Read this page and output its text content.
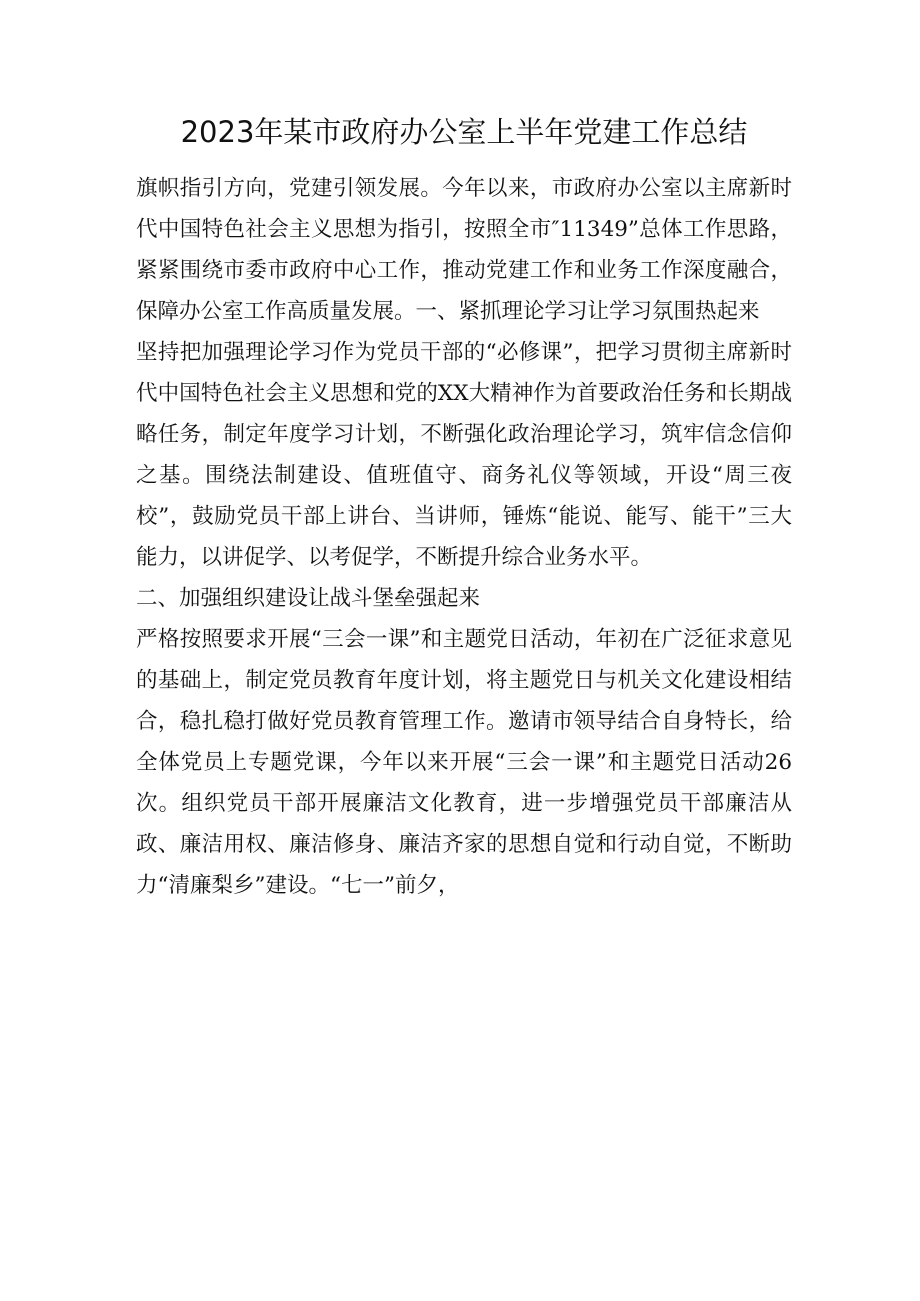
2023年某市政府办公室上半年党建工作总结

旗帜指引方向，党建引领发展。今年以来，市政府办公室以主席新时代中国特色社会主义思想为指引，按照全市″11349”总体工作思路，紧紧围绕市委市政府中心工作，推动党建工作和业务工作深度融合，保障办公室工作高质量发展。一、紧抓理论学习让学习氛围热起来

坚持把加强理论学习作为党员干部的“必修课”，把学习贯彻主席新时代中国特色社会主义思想和党的XX大精神作为首要政治任务和长期战略任务，制定年度学习计划，不断强化政治理论学习，筑牢信念信仰之基。围绕法制建设、值班值守、商务礼仪等领域，开设“周三夜校”，鼓励党员干部上讲台、当讲师，锤炼“能说、能写、能干”三大能力，以讲促学、以考促学，不断提升综合业务水平。

二、加强组织建设让战斗堡垒强起来

严格按照要求开展“三会一课”和主题党日活动，年初在广泛征求意见的基础上，制定党员教育年度计划，将主题党日与机关文化建设相结合，稳扎稳打做好党员教育管理工作。邀请市领导结合自身特长，给全体党员上专题党课，今年以来开展“三会一课”和主题党日活动26次。组织党员干部开展廉洁文化教育，进一步增强党员干部廉洁从政、廉洁用权、廉洁修身、廉洁齐家的思想自觉和行动自觉，不断助力“清廉梨乡”建设。“七一”前夕，
